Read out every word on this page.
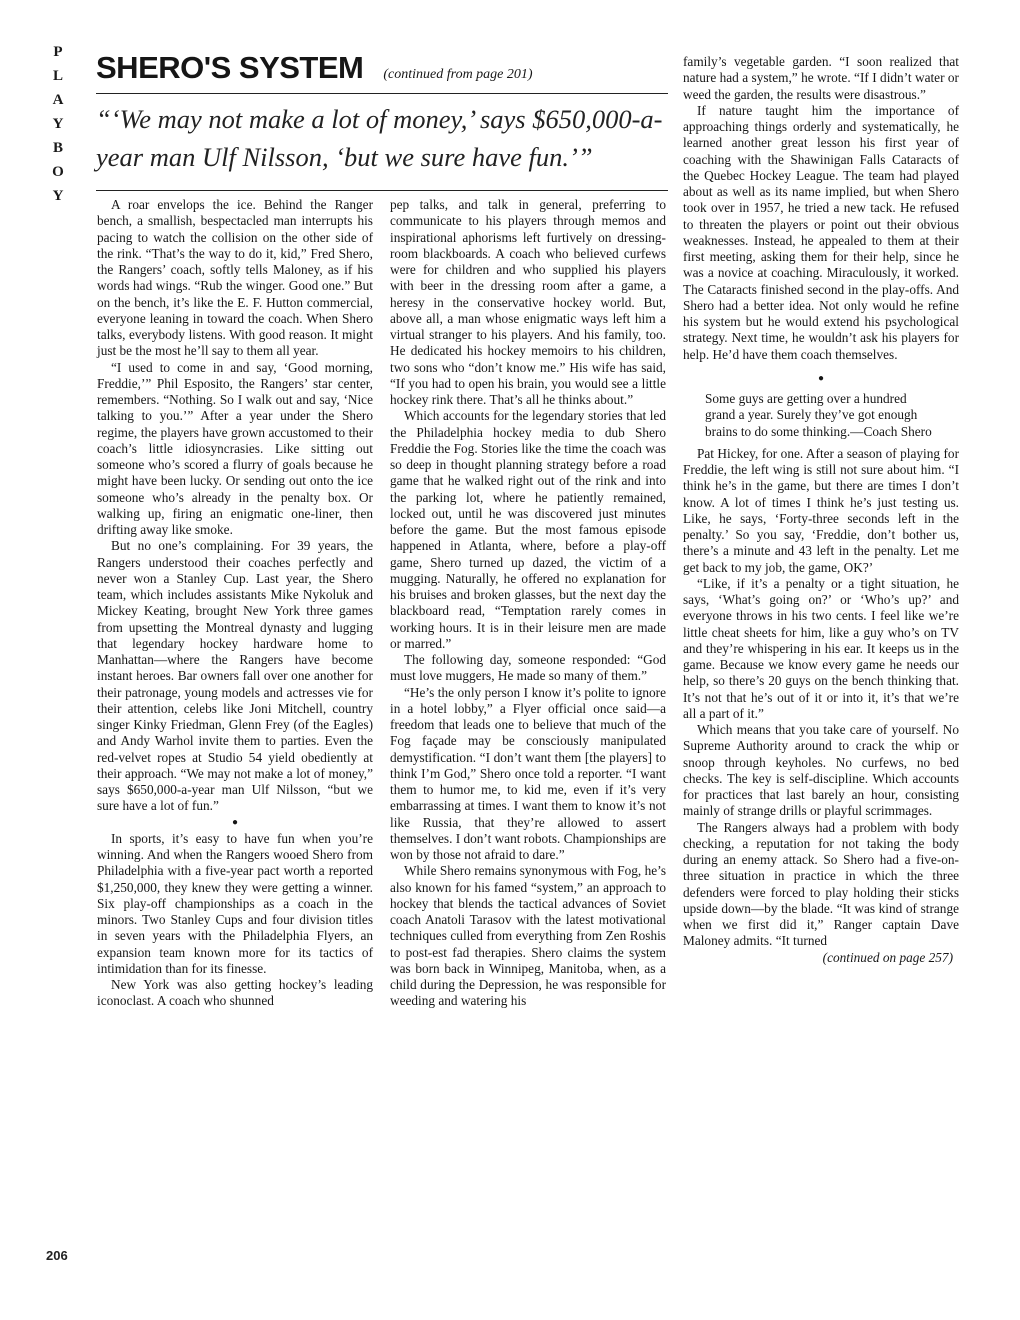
P
L
A
Y
B
O
Y
SHERO'S SYSTEM (continued from page 201)

“‘We may not make a lot of money,’ says $650,000-a-year man Ulf Nilsson, ‘but we sure have fun.’”

A roar envelops the ice. Behind the Ranger bench, a smallish, bespectacled man interrupts his pacing to watch the collision on the other side of the rink. “That’s the way to do it, kid,” Fred Shero, the Rangers’ coach, softly tells Maloney, as if his words had wings. “Rub the winger. Good one.” But on the bench, it’s like the E. F. Hutton commercial, everyone leaning in toward the coach. When Shero talks, everybody listens. With good reason. It might just be the most he’ll say to them all year.

“I used to come in and say, ‘Good morning, Freddie,’” Phil Esposito, the Rangers’ star center, remembers. “Nothing. So I walk out and say, ‘Nice talking to you.’” After a year under the Shero regime, the players have grown accustomed to their coach’s little idiosyncrasies. Like sitting out someone who’s scored a flurry of goals because he might have been lucky. Or sending out onto the ice someone who’s already in the penalty box. Or walking up, firing an enigmatic one-liner, then drifting away like smoke.

But no one’s complaining. For 39 years, the Rangers understood their coaches perfectly and never won a Stanley Cup. Last year, the Shero team, which includes assistants Mike Nykoluk and Mickey Keating, brought New York three games from upsetting the Montreal dynasty and lugging that legendary hockey hardware home to Manhattan—where the Rangers have become instant heroes. Bar owners fall over one another for their patronage, young models and actresses vie for their attention, celebs like Joni Mitchell, country singer Kinky Friedman, Glenn Frey (of the Eagles) and Andy Warhol invite them to parties. Even the red-velvet ropes at Studio 54 yield obediently at their approach. “We may not make a lot of money,” says $650,000-a-year man Ulf Nilsson, “but we sure have a lot of fun.”

●

In sports, it’s easy to have fun when you’re winning. And when the Rangers wooed Shero from Philadelphia with a five-year pact worth a reported $1,250,000, they knew they were getting a winner. Six play-off championships as a coach in the minors. Two Stanley Cups and four division titles in seven years with the Philadelphia Flyers, an expansion team known more for its tactics of intimidation than for its finesse.

New York was also getting hockey’s leading iconoclast. A coach who shunned

pep talks, and talk in general, preferring to communicate to his players through memos and inspirational aphorisms left furtively on dressing-room blackboards. A coach who believed curfews were for children and who supplied his players with beer in the dressing room after a game, a heresy in the conservative hockey world. But, above all, a man whose enigmatic ways left him a virtual stranger to his players. And his family, too. He dedicated his hockey memoirs to his children, two sons who “don’t know me.” His wife has said, “If you had to open his brain, you would see a little hockey rink there. That’s all he thinks about.”

Which accounts for the legendary stories that led the Philadelphia hockey media to dub Shero Freddie the Fog. Stories like the time the coach was so deep in thought planning strategy before a road game that he walked right out of the rink and into the parking lot, where he patiently remained, locked out, until he was discovered just minutes before the game. But the most famous episode happened in Atlanta, where, before a play-off game, Shero turned up dazed, the victim of a mugging. Naturally, he offered no explanation for his bruises and broken glasses, but the next day the blackboard read, “Temptation rarely comes in working hours. It is in their leisure men are made or marred.”

The following day, someone responded: “God must love muggers, He made so many of them.”

“He’s the only person I know it’s polite to ignore in a hotel lobby,” a Flyer official once said—a freedom that leads one to believe that much of the Fog façade may be consciously manipulated demystification. “I don’t want them [the players] to think I’m God,” Shero once told a reporter. “I want them to humor me, to kid me, even if it’s very embarrassing at times. I want them to know it’s not like Russia, that they’re allowed to assert themselves. I don’t want robots. Championships are won by those not afraid to dare.”

While Shero remains synonymous with Fog, he’s also known for his famed “system,” an approach to hockey that blends the tactical advances of Soviet coach Anatoli Tarasov with the latest motivational techniques culled from everything from Zen Roshis to post-est fad therapies. Shero claims the system was born back in Winnipeg, Manitoba, when, as a child during the Depression, he was responsible for weeding and watering his

family’s vegetable garden. “I soon realized that nature had a system,” he wrote. “If I didn’t water or weed the garden, the results were disastrous.”

If nature taught him the importance of approaching things orderly and systematically, he learned another great lesson his first year of coaching with the Shawinigan Falls Cataracts of the Quebec Hockey League. The team had played about as well as its name implied, but when Shero took over in 1957, he tried a new tack. He refused to threaten the players or point out their obvious weaknesses. Instead, he appealed to them at their first meeting, asking them for their help, since he was a novice at coaching. Miraculously, it worked. The Cataracts finished second in the play-offs. And Shero had a better idea. Not only would he refine his system but he would extend his psychological strategy. Next time, he wouldn’t ask his players for help. He’d have them coach themselves.

●

Some guys are getting over a hundred grand a year. Surely they’ve got enough brains to do some thinking.—Coach Shero

Pat Hickey, for one. After a season of playing for Freddie, the left wing is still not sure about him. “I think he’s in the game, but there are times I don’t know. A lot of times I think he’s just testing us. Like, he says, ‘Forty-three seconds left in the penalty.’ So you say, ‘Freddie, don’t bother us, there’s a minute and 43 left in the penalty. Let me get back to my job, the game, OK?’

“Like, if it’s a penalty or a tight situation, he says, ‘What’s going on?’ or ‘Who’s up?’ and everyone throws in his two cents. I feel like we’re little cheat sheets for him, like a guy who’s on TV and they’re whispering in his ear. It keeps us in the game. Because we know every game he needs our help, so there’s 20 guys on the bench thinking that. It’s not that he’s out of it or into it, it’s that we’re all a part of it.”

Which means that you take care of yourself. No Supreme Authority around to crack the whip or snoop through keyholes. No curfews, no bed checks. The key is self-discipline. Which accounts for practices that last barely an hour, consisting mainly of strange drills or playful scrimmages.

The Rangers always had a problem with body checking, a reputation for not taking the body during an enemy attack. So Shero had a five-on-three situation in practice in which the three defenders were forced to play holding their sticks upside down—by the blade. “It was kind of strange when we first did it,” Ranger captain Dave Maloney admits. “It turned

(continued on page 257)

206
